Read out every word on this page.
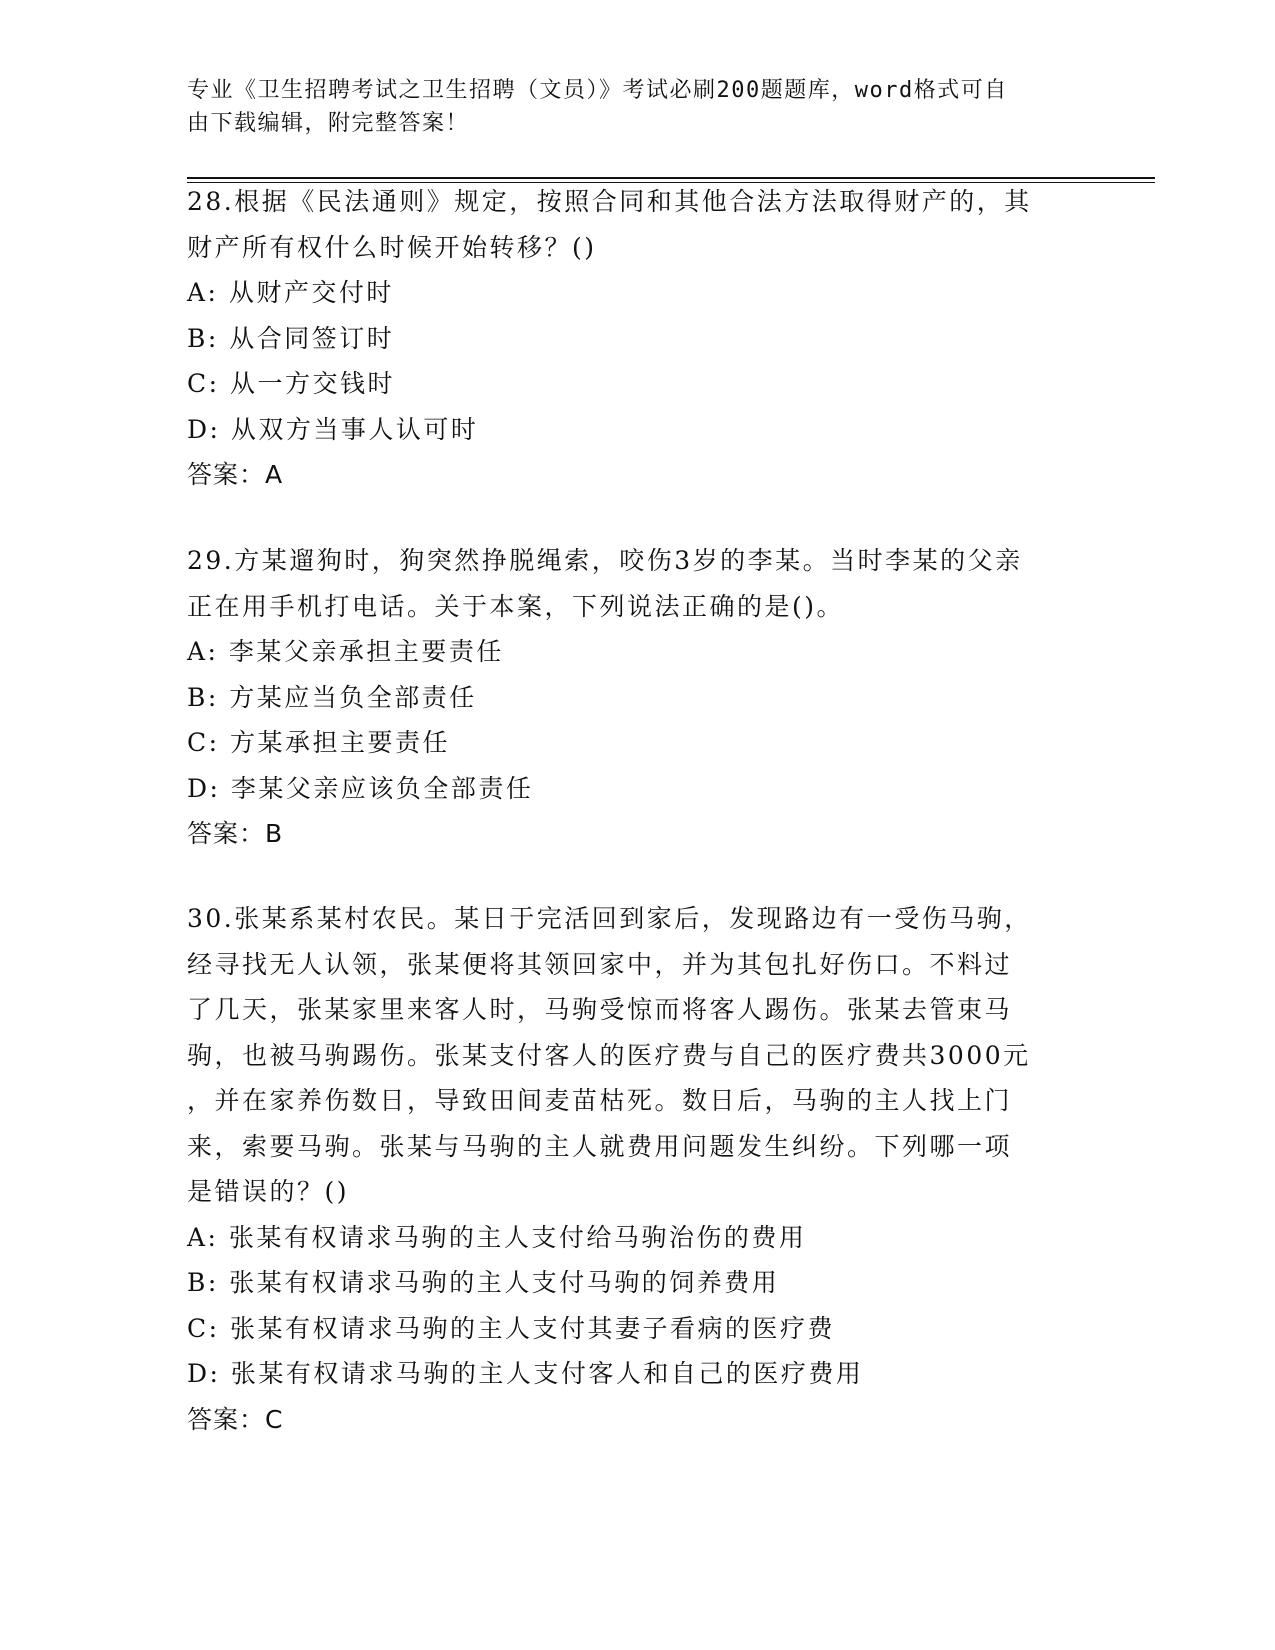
专业《卫生招聘考试之卫生招聘（文员）》考试必刷200题题库，word格式可自
由下载编辑，附完整答案！
28.根据《民法通则》规定，按照合同和其他合法方法取得财产的，其
财产所有权什么时候开始转移？()
A: 从财产交付时
B: 从合同签订时
C: 从一方交钱时
D: 从双方当事人认可时
答案：A
29.方某遛狗时，狗突然挣脱绳索，咬伤3岁的李某。当时李某的父亲
正在用手机打电话。关于本案，下列说法正确的是()。
A: 李某父亲承担主要责任
B: 方某应当负全部责任
C: 方某承担主要责任
D: 李某父亲应该负全部责任
答案：B
30.张某系某村农民。某日于完活回到家后，发现路边有一受伤马驹，
经寻找无人认领，张某便将其领回家中，并为其包扎好伤口。不料过
了几天，张某家里来客人时，马驹受惊而将客人踢伤。张某去管束马
驹，也被马驹踢伤。张某支付客人的医疗费与自己的医疗费共3000元
，并在家养伤数日，导致田间麦苗枯死。数日后，马驹的主人找上门
来，索要马驹。张某与马驹的主人就费用问题发生纠纷。下列哪一项
是错误的？()
A: 张某有权请求马驹的主人支付给马驹治伤的费用
B: 张某有权请求马驹的主人支付马驹的饲养费用
C: 张某有权请求马驹的主人支付其妻子看病的医疗费
D: 张某有权请求马驹的主人支付客人和自己的医疗费用
答案：C
